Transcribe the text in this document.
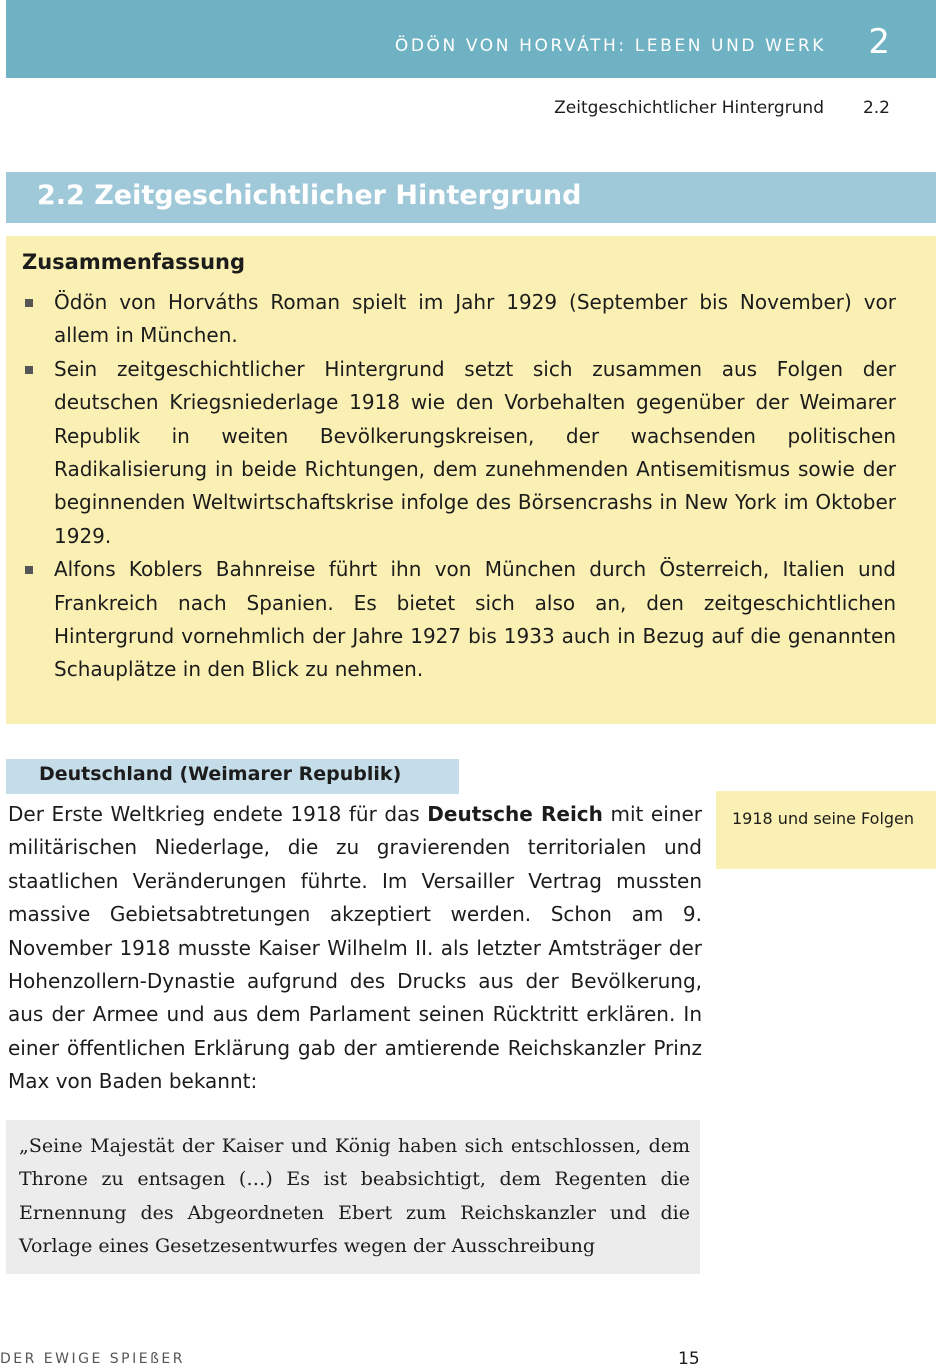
ÖDÖN VON HORVÁTH: LEBEN UND WERK 2
Zeitgeschichtlicher Hintergrund 2.2
2.2 Zeitgeschichtlicher Hintergrund
Zusammenfassung
Ödön von Horváths Roman spielt im Jahr 1929 (September bis November) vor allem in München.
Sein zeitgeschichtlicher Hintergrund setzt sich zusammen aus Folgen der deutschen Kriegsniederlage 1918 wie den Vorbehalten gegenüber der Weimarer Republik in weiten Bevölkerungskreisen, der wachsenden politischen Radikalisierung in beide Richtungen, dem zunehmenden Antisemitismus sowie der beginnenden Weltwirtschaftskrise infolge des Börsencrashs in New York im Oktober 1929.
Alfons Koblers Bahnreise führt ihn von München durch Österreich, Italien und Frankreich nach Spanien. Es bietet sich also an, den zeitgeschichtlichen Hintergrund vornehmlich der Jahre 1927 bis 1933 auch in Bezug auf die genannten Schauplätze in den Blick zu nehmen.
Deutschland (Weimarer Republik)

Der Erste Weltkrieg endete 1918 für das Deutsche Reich mit einer militärischen Niederlage, die zu gravierenden territorialen und staatlichen Veränderungen führte. Im Versailler Vertrag mussten massive Gebietsabtretungen akzeptiert werden. Schon am 9. November 1918 musste Kaiser Wilhelm II. als letzter Amtsträger der Hohenzollern-Dynastie aufgrund des Drucks aus der Bevölkerung, aus der Armee und aus dem Parlament seinen Rücktritt erklären. In einer öffentlichen Erklärung gab der amtierende Reichskanzler Prinz Max von Baden bekannt:

1918 und seine Folgen

„Seine Majestät der Kaiser und König haben sich entschlossen, dem Throne zu entsagen (…) Es ist beabsichtigt, dem Regenten die Ernennung des Abgeordneten Ebert zum Reichskanzler und die Vorlage eines Gesetzesentwurfes wegen der Ausschreibung

DER EWIGE SPIEßER	15
